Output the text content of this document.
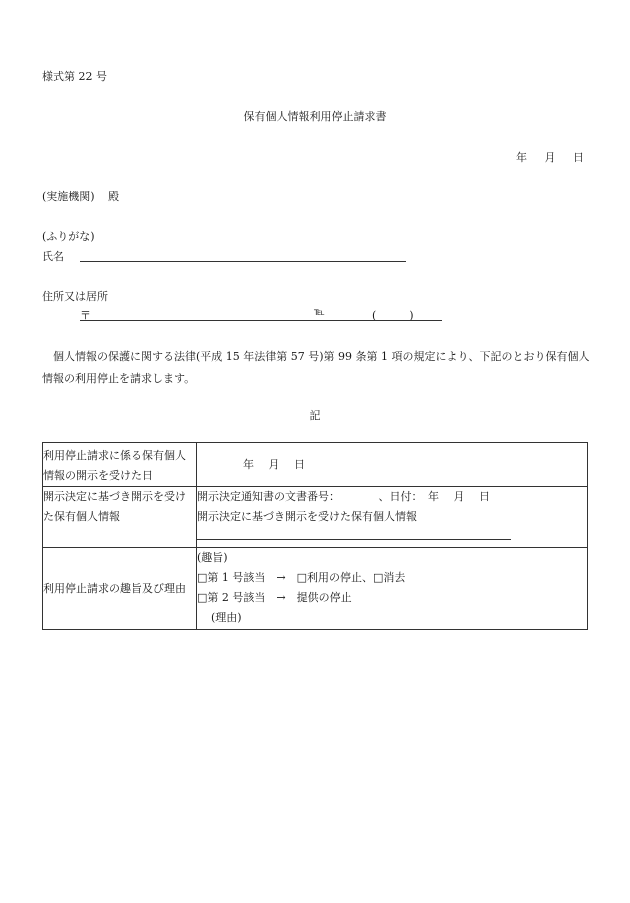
様式第 22 号
保有個人情報利用停止請求書
年 月 日
(実施機関) 殿
(ふりがな)
氏名
住所又は居所
〒	℡	(　　　)
個人情報の保護に関する法律(平成 15 年法律第 57 号)第 99 条第 1 項の規定により、下記のとおり保有個人情報の利用停止を請求します。
記
利用停止請求に係る保有個人情報の開示を受けた日	年　 月　 日
開示決定に基づき開示を受けた保有個人情報	開示決定通知書の文書番号：　　　　、日付：　年　 月　 日
開示決定に基づき開示を受けた保有個人情報

利用停止請求の趣旨及び理由	(趣旨)
□第 1 号該当　→　□利用の停止、□消去
□第 2 号該当　→　提供の停止
(理由)
